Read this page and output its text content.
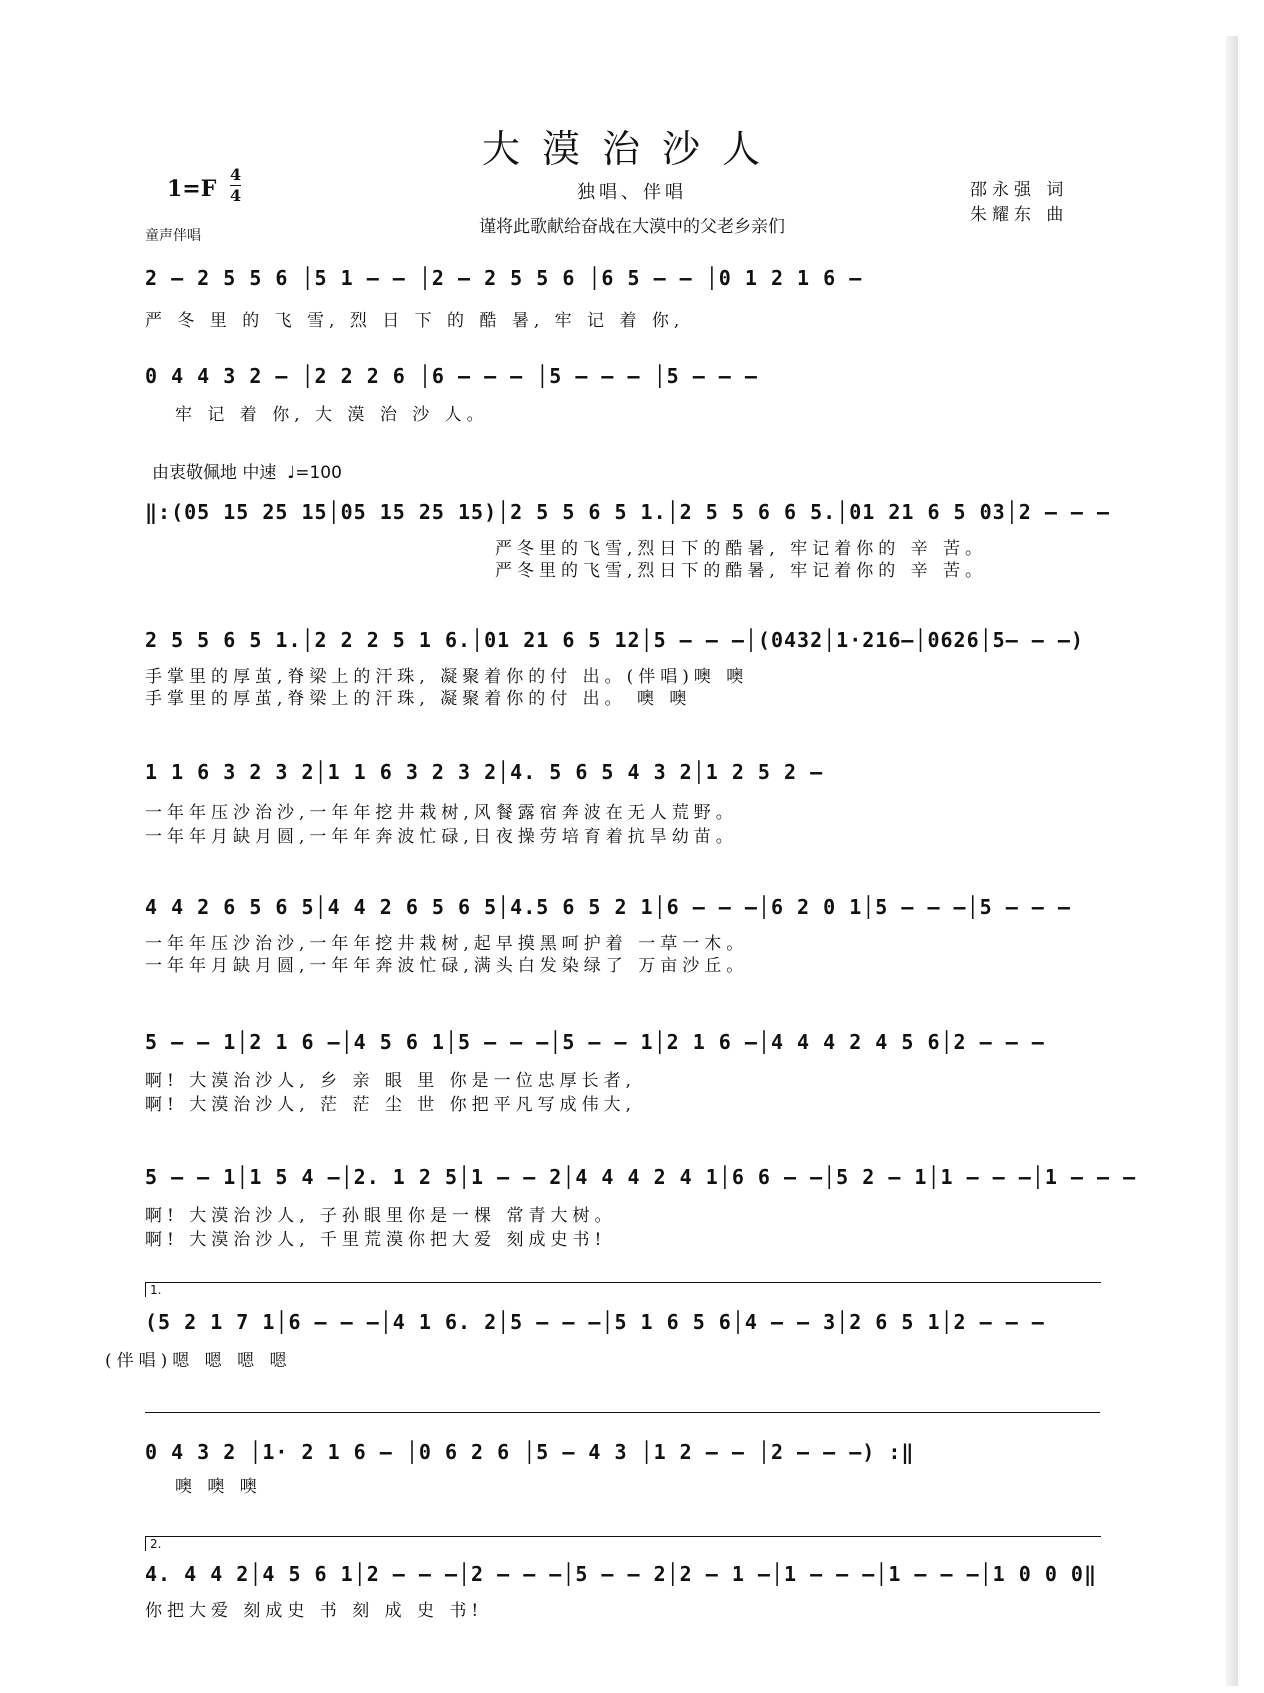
大漠治沙人
1=F
4
4	独唱、伴唱
谨将此歌献给奋战在大漠中的父老乡亲们
邵永强 词
朱耀东 曲
童声伴唱
由衷敬佩地 中速 ♩=100
2 – 2 5 5 6 │5 1 – – │2 – 2 5 5 6 │6 5 – – │0 1 2 1 6 –
严 冬 里 的 飞 雪, 烈 日 下 的 酷 暑, 牢 记 着 你,
0 4 4 3 2 – │2 2 2 6 │6 – – – │5 – – – │5 – – –
牢 记 着 你, 大 漠 治 沙 人。
‖:(05 15 25 15│05 15 25 15)│2 5 5 6 5 1.│2 5 5 6 6 5.│01 21 6 5 03│2 – – –
严冬里的飞雪,烈日下的酷暑, 牢记着你的 辛 苦。
严冬里的飞雪,烈日下的酷暑, 牢记着你的 辛 苦。
2 5 5 6 5 1.│2 2 2 5 1 6.│01 21 6 5 12│5 – – –│(0432│1·216–│0626│5– – –)
手掌里的厚茧,脊梁上的汗珠, 凝聚着你的付 出。(伴唱)噢 噢
手掌里的厚茧,脊梁上的汗珠, 凝聚着你的付 出。 噢 噢
1 1 6 3 2 3 2│1 1 6 3 2 3 2│4. 5 6 5 4 3 2│1 2 5 2 –
一年年压沙治沙,一年年挖井栽树,风餐露宿奔波在无人荒野。
一年年月缺月圆,一年年奔波忙碌,日夜操劳培育着抗旱幼苗。
4 4 2 6 5 6 5│4 4 2 6 5 6 5│4.5 6 5 2 1│6 – – –│6 2 0 1│5 – – –│5 – – –
一年年压沙治沙,一年年挖井栽树,起早摸黑呵护着 一草一木。
一年年月缺月圆,一年年奔波忙碌,满头白发染绿了 万亩沙丘。
5 – – 1│2 1 6 –│4 5 6 1│5 – – –│5 – – 1│2 1 6 –│4 4 4 2 4 5 6│2 – – –
啊! 大漠治沙人, 乡 亲 眼 里 你是一位忠厚长者,
啊! 大漠治沙人, 茫 茫 尘 世 你把平凡写成伟大,
5 – – 1│1 5 4 –│2. 1 2 5│1 – – 2│4 4 4 2 4 1│6 6 – –│5 2 – 1│1 – – –│1 – – –
啊! 大漠治沙人, 子孙眼里你是一棵 常青大树。
啊! 大漠治沙人, 千里荒漠你把大爱 刻成史书!
1.
(5 2 1 7 1│6 – – –│4 1 6. 2│5 – – –│5 1 6 5 6│4 – – 3│2 6 5 1│2 – – –
(伴唱)嗯 嗯 嗯 嗯
0 4 3 2 │1· 2 1 6 – │0 6 2 6 │5 – 4 3 │1 2 – – │2 – – –) :‖
噢 噢 噢
2.
4. 4 4 2│4 5 6 1│2 – – –│2 – – –│5 – – 2│2 – 1 –│1 – – –│1 – – –│1 0 0 0‖
你把大爱 刻成史 书 刻 成 史 书!
